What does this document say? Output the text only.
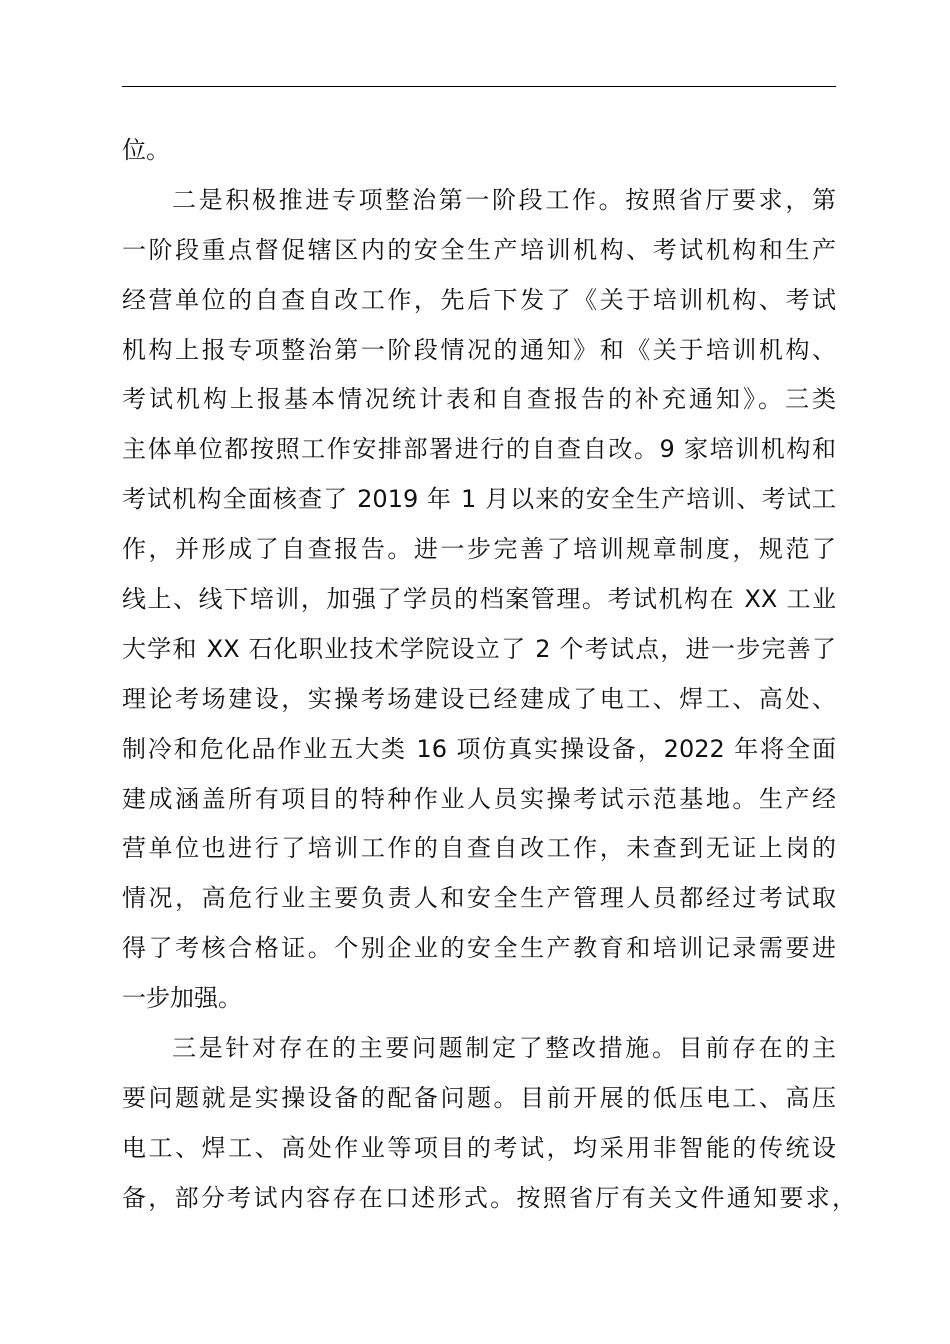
位。
二是积极推进专项整治第一阶段工作。按照省厅要求，第
一阶段重点督促辖区内的安全生产培训机构、考试机构和生产
经营单位的自查自改工作，先后下发了《关于培训机构、考试
机构上报专项整治第一阶段情况的通知》和《关于培训机构、
考试机构上报基本情况统计表和自查报告的补充通知》。三类
主体单位都按照工作安排部署进行的自查自改。9 家培训机构和
考试机构全面核查了 2019 年 1 月以来的安全生产培训、考试工
作，并形成了自查报告。进一步完善了培训规章制度，规范了
线上、线下培训，加强了学员的档案管理。考试机构在 XX 工业
大学和 XX 石化职业技术学院设立了 2 个考试点，进一步完善了
理论考场建设，实操考场建设已经建成了电工、焊工、高处、
制冷和危化品作业五大类 16 项仿真实操设备，2022 年将全面
建成涵盖所有项目的特种作业人员实操考试示范基地。生产经
营单位也进行了培训工作的自查自改工作，未查到无证上岗的
情况，高危行业主要负责人和安全生产管理人员都经过考试取
得了考核合格证。个别企业的安全生产教育和培训记录需要进
一步加强。
三是针对存在的主要问题制定了整改措施。目前存在的主
要问题就是实操设备的配备问题。目前开展的低压电工、高压
电工、焊工、高处作业等项目的考试，均采用非智能的传统设
备，部分考试内容存在口述形式。按照省厅有关文件通知要求，
